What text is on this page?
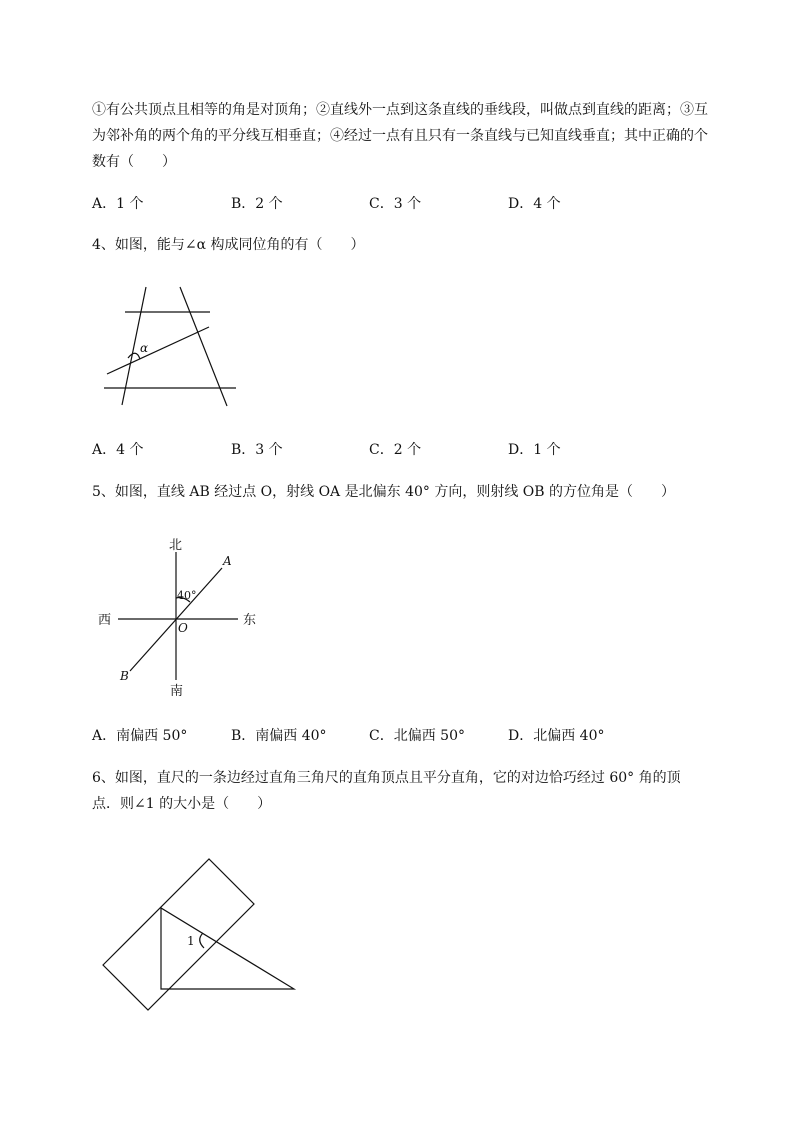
①有公共顶点且相等的角是对顶角；②直线外一点到这条直线的垂线段，叫做点到直线的距离；③互
为邻补角的两个角的平分线互相垂直；④经过一点有且只有一条直线与已知直线垂直；其中正确的个
数有（　　）
A．1 个	B．2 个	C．3 个	D．4 个
4、如图，能与∠α 构成同位角的有（　　）
α
A．4 个	B．3 个	C．2 个	D．1 个
5、如图，直线 AB 经过点 O，射线 OA 是北偏东 40° 方向，则射线 OB 的方位角是（　　）
北
南
西	东
A
B
O
40°
A．南偏西 50°	B．南偏西 40°	C．北偏西 50°	D．北偏西 40°
6、如图，直尺的一条边经过直角三角尺的直角顶点且平分直角，它的对边恰巧经过 60° 角的顶
点．则∠1 的大小是（　　）
1
